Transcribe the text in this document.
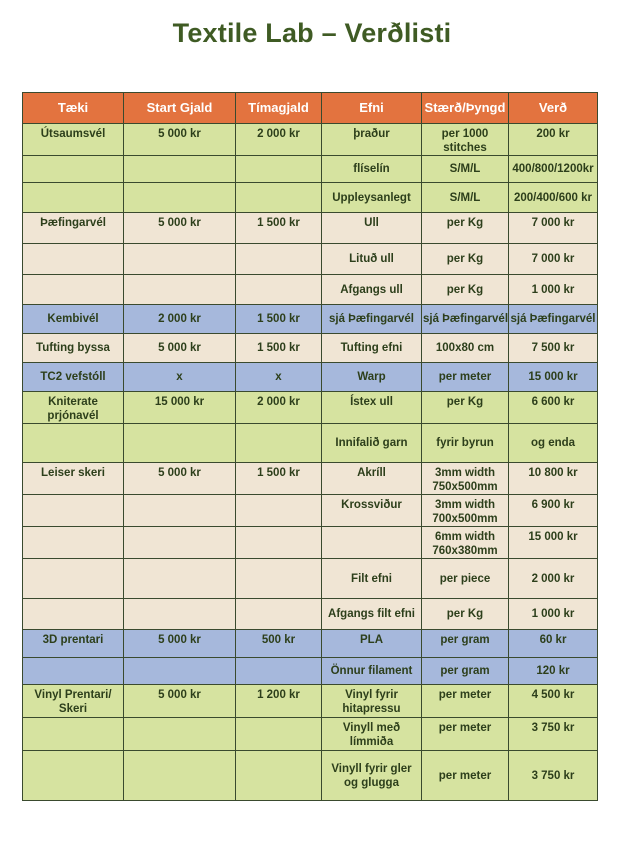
Textile Lab – Verðlisti
Tæki	Start Gjald	Tímagjald	Efni	Stærð/Þyngd	Verð
Útsaumsvél	5 000 kr	2 000 kr	þraður	per 1000 stitches	200 kr
			flíselín	S/M/L	400/800/1200kr
			Uppleysanlegt	S/M/L	200/400/600 kr
Þæfingarvél	5 000 kr	1 500 kr	Ull	per Kg	7 000 kr
			Lituð ull	per Kg	7 000 kr
			Afgangs ull	per Kg	1 000 kr
Kembivél	2 000 kr	1 500 kr	sjá Þæfingarvél	sjá Þæfingarvél	sjá Þæfingarvél
Tufting byssa	5 000 kr	1 500 kr	Tufting efni	100x80 cm	7 500 kr
TC2 vefstóll	x	x	Warp	per meter	15 000 kr
Kniterate prjónavél	15 000 kr	2 000 kr	Ístex ull	per Kg	6 600 kr
			Innifalið garn	fyrir byrun	og enda
Leiser skeri	5 000 kr	1 500 kr	Akríll	3mm width 750x500mm	10 800 kr
			Krossviður	3mm width 700x500mm	6 900 kr
				6mm width 760x380mm	15 000 kr
			Filt efni	per piece	2 000 kr
			Afgangs filt efni	per Kg	1 000 kr
3D prentari	5 000 kr	500 kr	PLA	per gram	60 kr
			Önnur filament	per gram	120 kr
Vinyl Prentari/ Skeri	5 000 kr	1 200 kr	Vinyl fyrir hitapressu	per meter	4 500 kr
			Vinyll með límmiða	per meter	3 750 kr
			Vinyll fyrir gler og glugga	per meter	3 750 kr
